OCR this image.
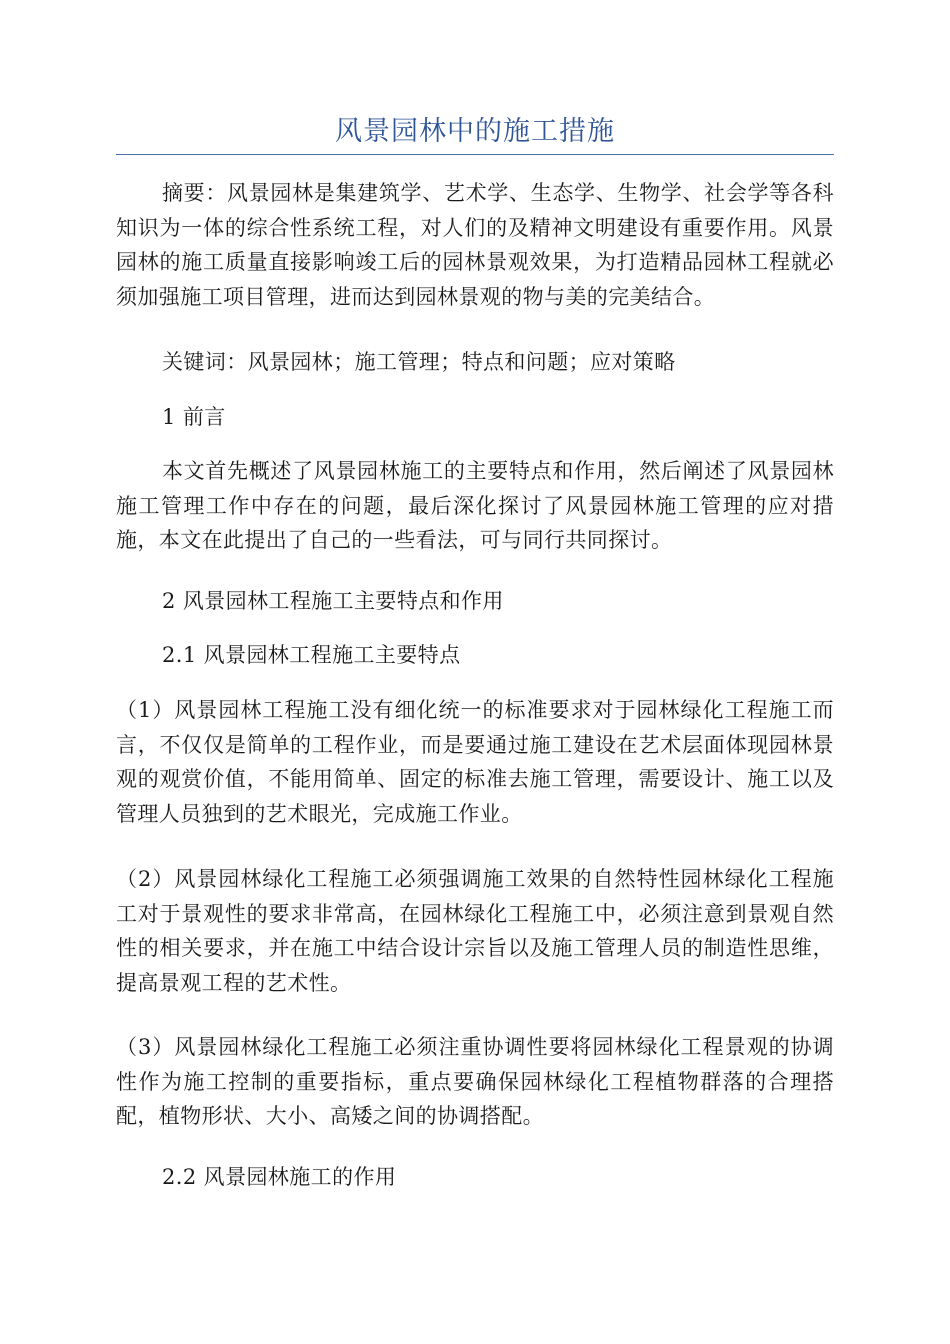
风景园林中的施工措施

摘要：风景园林是集建筑学、艺术学、生态学、生物学、社会学等各科知识为一体的综合性系统工程，对人们的及精神文明建设有重要作用。风景园林的施工质量直接影响竣工后的园林景观效果，为打造精品园林工程就必须加强施工项目管理，进而达到园林景观的物与美的完美结合。

关键词：风景园林；施工管理；特点和问题；应对策略

1 前言

本文首先概述了风景园林施工的主要特点和作用，然后阐述了风景园林施工管理工作中存在的问题，最后深化探讨了风景园林施工管理的应对措施，本文在此提出了自己的一些看法，可与同行共同探讨。

2 风景园林工程施工主要特点和作用

2.1 风景园林工程施工主要特点

（1）风景园林工程施工没有细化统一的标准要求对于园林绿化工程施工而言，不仅仅是简单的工程作业，而是要通过施工建设在艺术层面体现园林景观的观赏价值，不能用简单、固定的标准去施工管理，需要设计、施工以及管理人员独到的艺术眼光，完成施工作业。

（2）风景园林绿化工程施工必须强调施工效果的自然特性园林绿化工程施工对于景观性的要求非常高，在园林绿化工程施工中，必须注意到景观自然性的相关要求，并在施工中结合设计宗旨以及施工管理人员的制造性思维，提高景观工程的艺术性。

（3）风景园林绿化工程施工必须注重协调性要将园林绿化工程景观的协调性作为施工控制的重要指标，重点要确保园林绿化工程植物群落的合理搭配，植物形状、大小、高矮之间的协调搭配。

2.2 风景园林施工的作用
